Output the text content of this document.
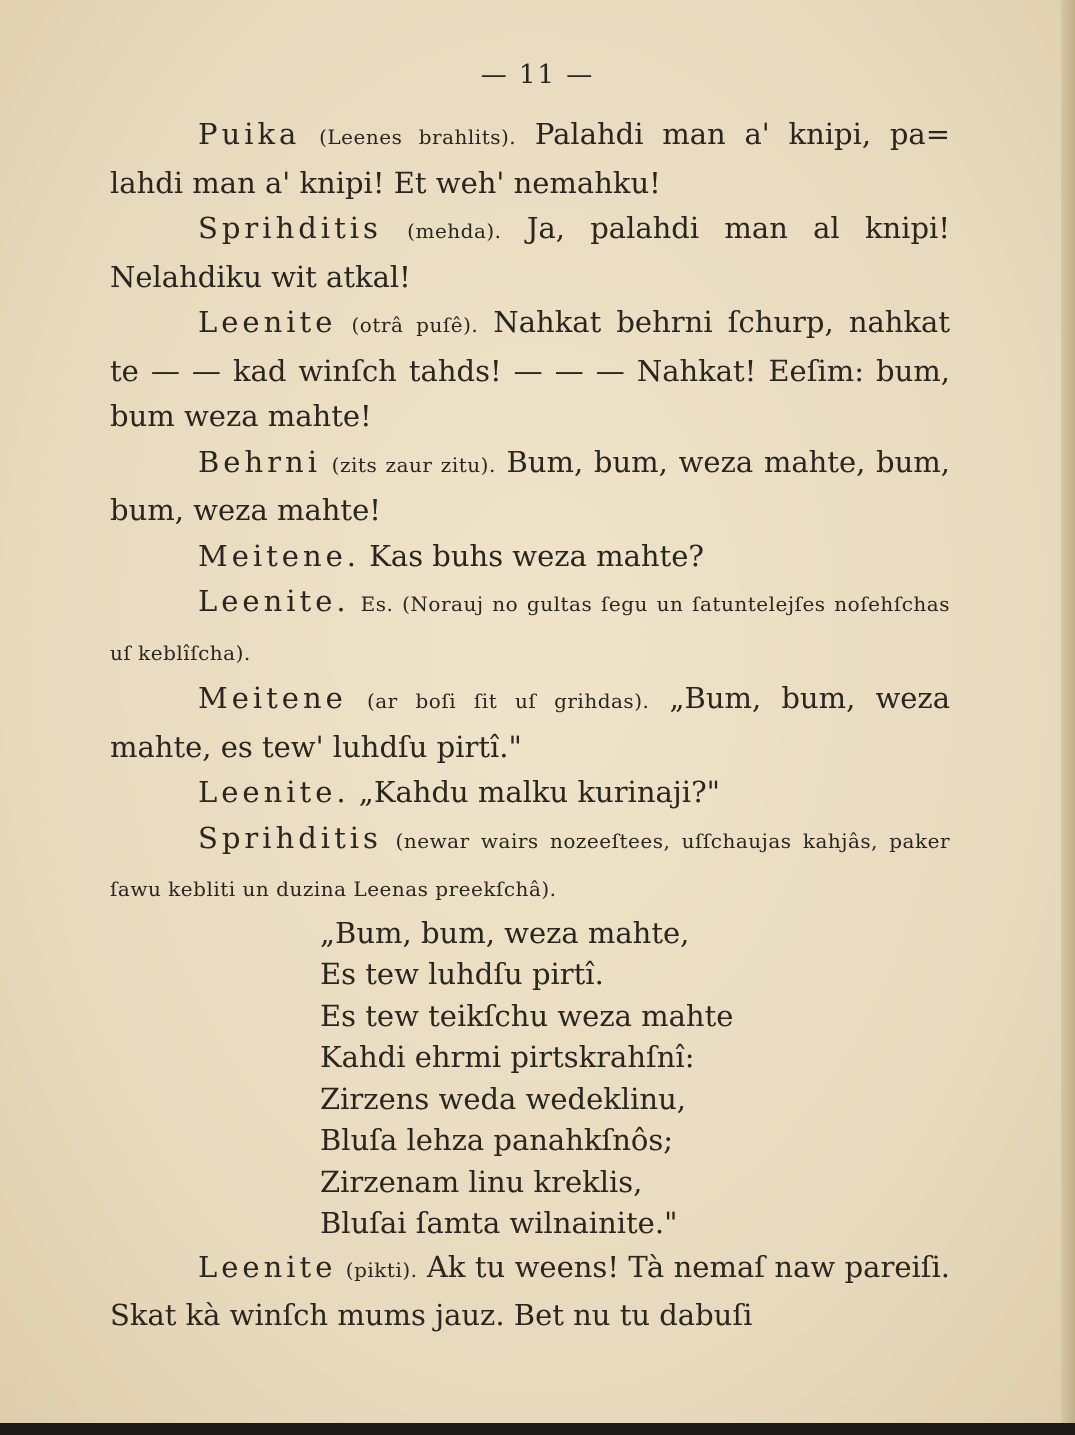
— 11 —

Puika (Leenes brahlits). Palahdi man a' knipi, pa= lahdi man a' knipi! Et weh' nemahku!

Sprihditis (mehda). Ja, palahdi man al knipi! Nelahdiku wit atkal!

Leenite (otrâ puſê). Nahkat behrni ſchurp, nahkat te — — kad winſch tahds! — — — Nahkat! Eeſim: bum, bum weza mahte!

Behrni (zits zaur zitu). Bum, bum, weza mahte, bum, bum, weza mahte!

Meitene. Kas buhs weza mahte?

Leenite. Es. (Norauj no gultas ſegu un ſatuntelejſes noſehſchas uſ keblîſcha).

Meitene (ar boſi ſit uſ grihdas). „Bum, bum, weza mahte, es tew' luhdſu pirtî."

Leenite. „Kahdu malku kurinaji?"

Sprihditis (newar wairs nozeeſtees, uſſchaujas kahjâs, paker ſawu kebliti un duzina Leenas preekſchâ).

„Bum, bum, weza mahte,
Es tew luhdſu pirtî.
Es tew teikſchu weza mahte
Kahdi ehrmi pirtskrahſnî:
Zirzens weda wedeklinu,
Bluſa lehza panahkſnôs;
Zirzenam linu kreklis,
Bluſai ſamta wilnainite."

Leenite (pikti). Ak tu weens! Tà nemaſ naw pareiſi. Skat kà winſch mums jauz. Bet nu tu dabuſi
